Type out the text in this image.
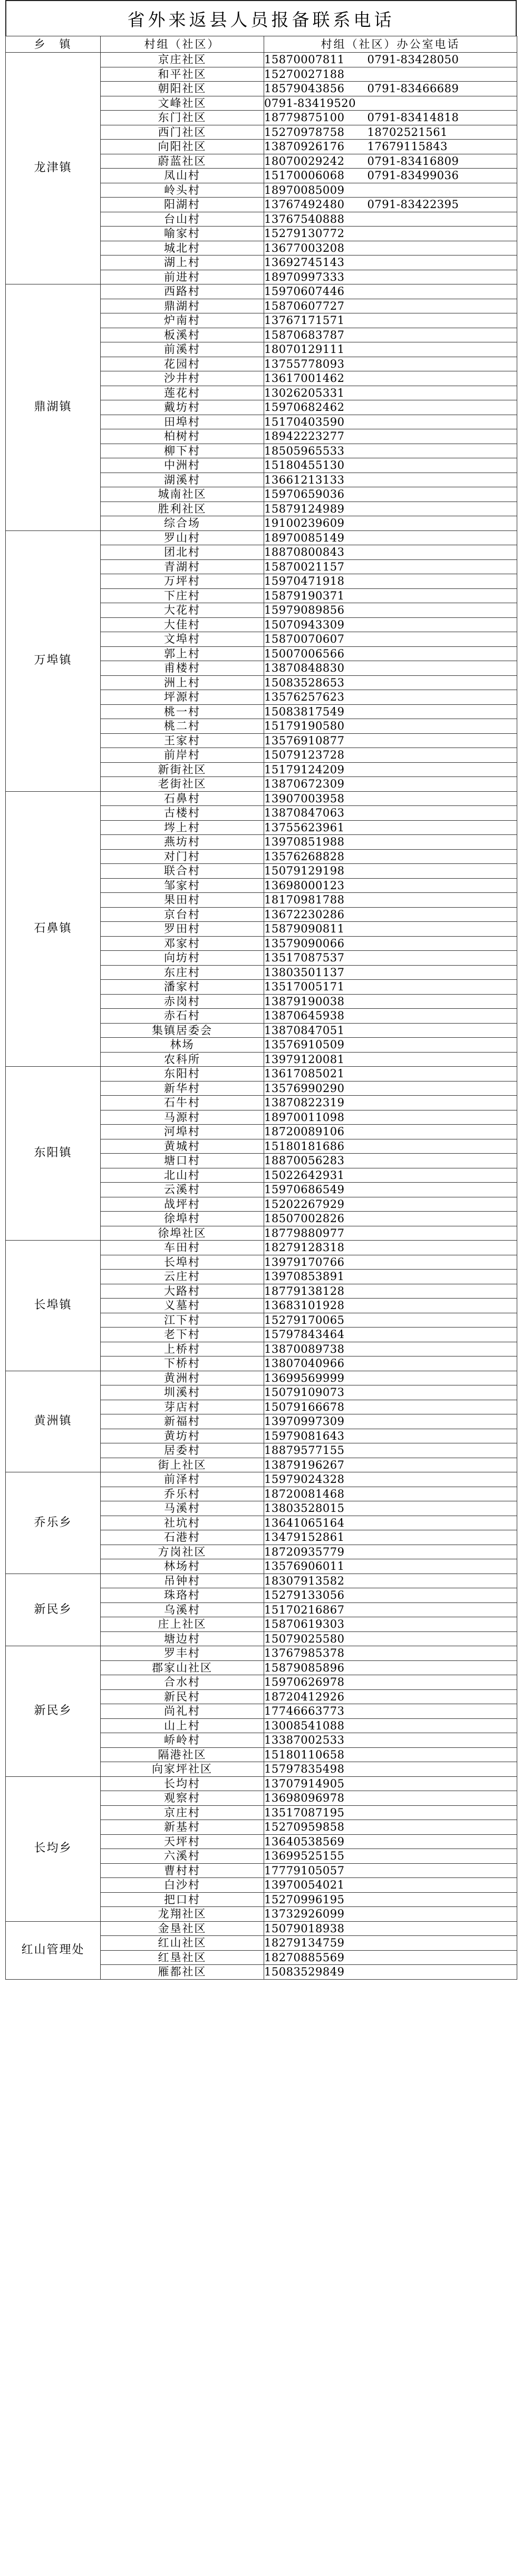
省外来返县人员报备联系电话
乡　镇	村组（社区）	村组（社区）办公室电话
龙津镇	京庄社区	15870007811　　0791-83428050
	和平社区	15270027188
	朝阳社区	18579043856　　0791-83466689
	文峰社区	0791-83419520
	东门社区	18779875100　　0791-83414818
	西门社区	15270978758　　18702521561
	向阳社区	13870926176　　17679115843
	蔚蓝社区	18070029242　　0791-83416809
	凤山村	15170006068　　0791-83499036
	岭头村	18970085009
	阳湖村	13767492480　　0791-83422395
	台山村	13767540888
	喻家村	15279130772
	城北村	13677003208
	湖上村	13692745143
	前进村	18970997333
鼎湖镇	西路村	15970607446
	鼎湖村	15870607727
	炉南村	13767171571
	板溪村	15870683787
	前溪村	18070129111
	花园村	13755778093
	沙井村	13617001462
	莲花村	13026205331
	戴坊村	15970682462
	田埠村	15170403590
	柏树村	18942223277
	柳下村	18505965533
	中洲村	15180455130
	湖溪村	13661213133
	城南社区	15970659036
	胜利社区	15879124989
	综合场	19100239609
万埠镇	罗山村	18970085149
	团北村	18870800843
	青湖村	15870021157
	万坪村	15970471918
	下庄村	15879190371
	大花村	15979089856
	大佳村	15070943309
	文埠村	15870070607
	郭上村	15007006566
	甫楼村	13870848830
	洲上村	15083528653
	坪源村	13576257623
	桃一村	15083817549
	桃二村	15179190580
	王家村	13576910877
	前岸村	15079123728
	新街社区	15179124209
	老街社区	13870672309
石鼻镇	石鼻村	13907003958
	古楼村	13870847063
	埁上村	13755623961
	燕坊村	13970851988
	对门村	13576268828
	联合村	15079129198
	邹家村	13698000123
	果田村	18170981788
	京台村	13672230286
	罗田村	15879090811
	邓家村	13579090066
	向坊村	13517087537
	东庄村	13803501137
	潘家村	13517005171
	赤岗村	13879190038
	赤石村	13870645938
	集镇居委会	13870847051
	林场	13576910509
	农科所	13979120081
东阳镇	东阳村	13617085021
	新华村	13576990290
	石牛村	13870822319
	马源村	18970011098
	河埠村	18720089106
	黄城村	15180181686
	塘口村	18870056283
	北山村	15022642931
	云溪村	15970686549
	战坪村	15202267929
	徐埠村	18507002826
	徐埠社区	18779880977
长埠镇	车田村	18279128318
	长埠村	13979170766
	云庄村	13970853891
	大路村	18779138128
	义墓村	13683101928
	江下村	15279170065
	老下村	15797843464
	上桥村	13870089738
	下桥村	13807040966
黄洲镇	黄洲村	13699569999
	圳溪村	15079109073
	芽店村	15079166678
	新福村	13970997309
	黄坊村	15979081643
	居委村	18879577155
	街上社区	13879196267
乔乐乡	前泽村	15979024328
	乔乐村	18720081468
	马溪村	13803528015
	社坑村	13641065164
	石港村	13479152861
	方岗社区	18720935779
	林场村	13576906011
新民乡	吊钟村	18307913582
	珠珞村	15279133056
	乌溪村	15170216867
	庄上社区	15870619303
	塘边村	15079025580
新民乡	罗丰村	13767985378
	郡家山社区	15879085896
	合水村	15970626978
	新民村	18720412926
	尚礼村	17746663773
	山上村	13008541088
	峤岭村	13387002533
	隔港社区	15180110658
	向家坪社区	15797835498
长均乡	长均村	13707914905
	观察村	13698096978
	京庄村	13517087195
	新基村	15270959858
	天坪村	13640538569
	六溪村	13699525155
	曹村村	17779105057
	白沙村	13970054021
	把口村	15270996195
	龙翔社区	13732926099
红山管理处	金垦社区	15079018938
	红山社区	18279134759
	红垦社区	18270885569
	雁都社区	15083529849
